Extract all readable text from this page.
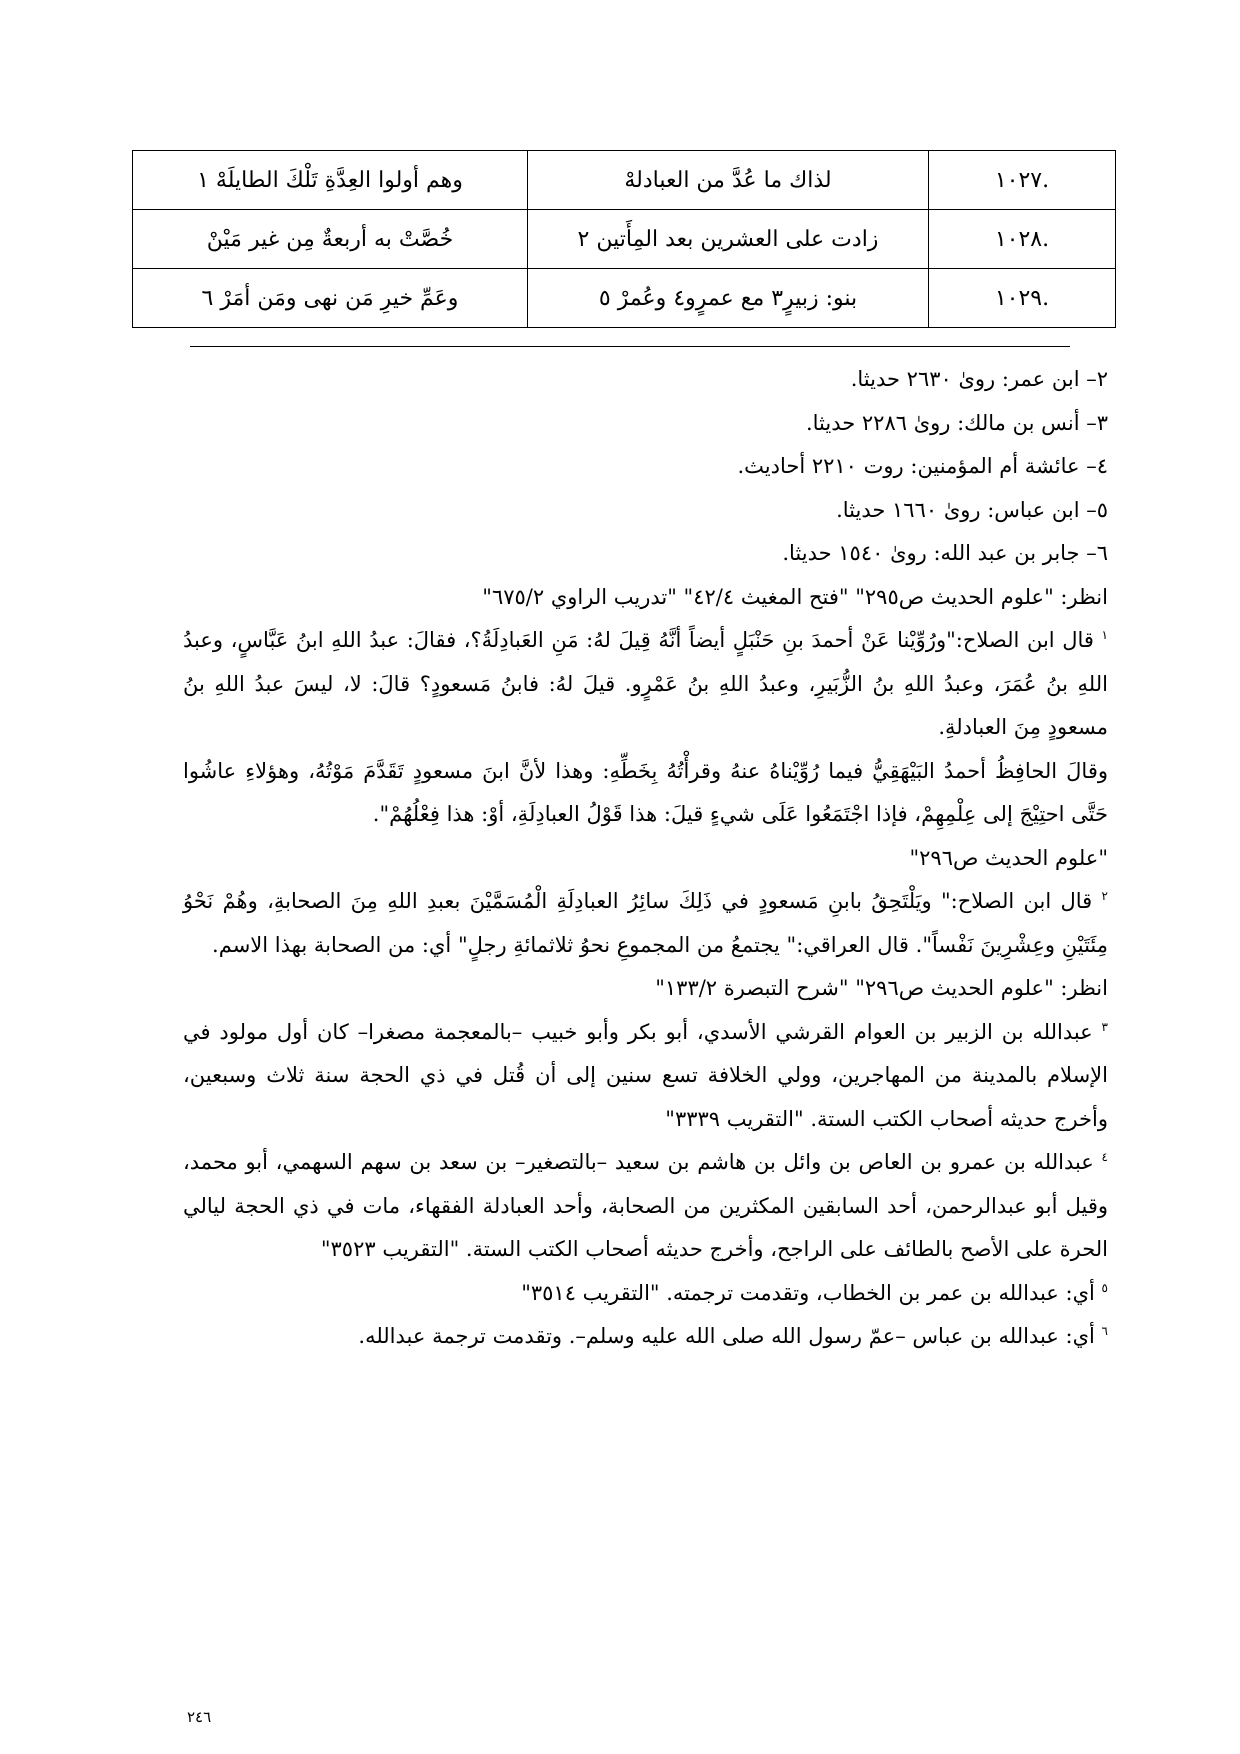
.١٠٢٧	لذاك ما عُدَّ من العبادلهْ	وهم أولوا العِدَّةِ تَلْكَ الطايلَهْ ١
.١٠٢٨	زادت علی العشرين بعد المِأَتين ٢	خُصَّتْ به أربعةٌ مِن غير مَيْنْ
.١٠٢٩	بنو: زبيرٍ٣ مع عمرٍو٤ وعُمرْ ٥	وعَمِّ خيرِ مَن نهى ومَن أمَرْ ٦

٢– ابن عمر: رویٰ ٢٦٣٠ حديثا.

٣– أنس بن مالك: رویٰ ٢٢٨٦ حديثا.

٤– عائشة أم المؤمنين: روت ٢٢١٠ أحاديث.

٥– ابن عباس: رویٰ ١٦٦٠ حديثا.

٦– جابر بن عبد الله: رویٰ ١٥٤٠ حديثا.

انظر: "علوم الحديث ص٢٩٥" "فتح المغيث ٤٢/٤" "تدريب الراوي ٦٧٥/٢"

$^١$ قال ابن الصلاح:"ورُوِّيْنا عَنْ أحمدَ بنِ حَنْبَلٍ أيضاً أنَّهُ قِيلَ لهُ: مَنِ العَبادِلَةُ؟، فقالَ: عبدُ اللهِ ابنُ عَبَّاسٍ، وعبدُ اللهِ بنُ عُمَرَ، وعبدُ اللهِ بنُ الزُّبَيرِ، وعبدُ اللهِ بنُ عَمْرٍو. قيلَ لهُ: فابنُ مَسعودٍ؟ قالَ: لا، ليسَ عبدُ اللهِ بنُ مسعودٍ مِنَ العبادلةِ.

وقالَ الحافِظُ أحمدُ البَيْهَقِيُّ فيما رُوِّيْناهُ عنهُ وقرأْتُهُ بِخَطِّهِ: وهذا لأنَّ ابنَ مسعودٍ تَقَدَّمَ مَوْتُهُ، وهؤلاءِ عاشُوا حَتَّى احتِيْجَ إلى عِلْمِهِمْ، فإذا اجْتَمَعُوا عَلَى شيءٍ قيلَ: هذا قَوْلُ العبادِلَةِ، أوْ: هذا فِعْلُهُمْ".

"علوم الحديث ص٢٩٦"

$^٢$ قال ابن الصلاح:" ويَلْتَحِقُ بابنِ مَسعودٍ في ذَلِكَ سائِرُ العبادِلَةِ الْمُسَمَّيْنَ بعبدِ اللهِ مِنَ الصحابةِ، وهُمْ نَحْوُ مِئَتَيْنِ وعِشْرِينَ نَفْساً". قال العراقي:" يجتمعُ من المجموعِ نحوُ ثلاثمائةِ رجلٍ" أي: من الصحابة بهذا الاسم.

انظر: "علوم الحديث ص٢٩٦" "شرح التبصرة ١٣٣/٢"

$^٣$ عبدالله بن الزبير بن العوام القرشي الأسدي، أبو بكر وأبو خبيب –بالمعجمة مصغرا– كان أول مولود في الإسلام بالمدينة من المهاجرين، وولي الخلافة تسع سنين إلى أن قُتل في ذي الحجة سنة ثلاث وسبعين، وأخرج حديثه أصحاب الكتب الستة. "التقريب ٣٣٣٩"

$^٤$ عبدالله بن عمرو بن العاص بن وائل بن هاشم بن سعيد –بالتصغير– بن سعد بن سهم السهمي، أبو محمد، وقيل أبو عبدالرحمن، أحد السابقين المكثرين من الصحابة، وأحد العبادلة الفقهاء، مات في ذي الحجة ليالي الحرة على الأصح بالطائف على الراجح، وأخرج حديثه أصحاب الكتب الستة. "التقريب ٣٥٢٣"

$^٥$ أي: عبدالله بن عمر بن الخطاب، وتقدمت ترجمته. "التقريب ٣٥١٤"

$^٦$ أي: عبدالله بن عباس –عمّ رسول الله صلى الله عليه وسلم–. وتقدمت ترجمة عبدالله.

٢٤٦
